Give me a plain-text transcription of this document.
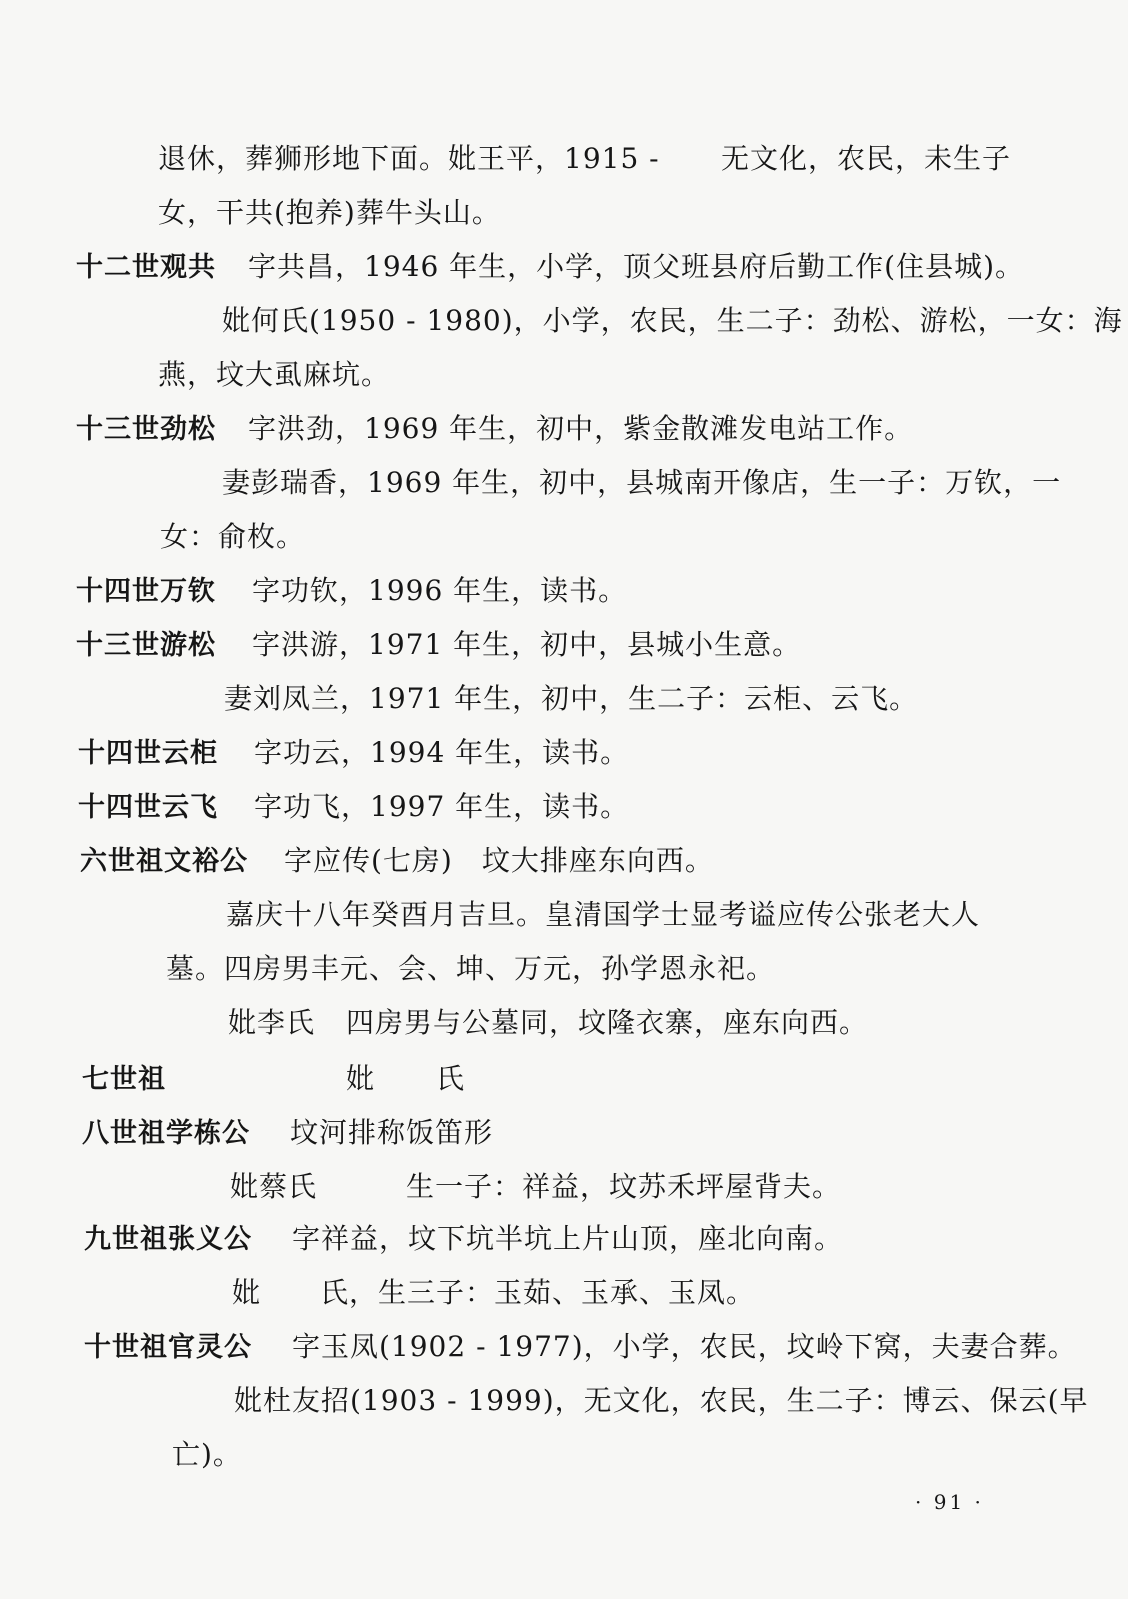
退休，葬狮形地下面。妣王平，1915 - 无文化，农民，未生子
女，干共(抱养)葬牛头山。
十二世观共 字共昌，1946 年生，小学，顶父班县府后勤工作(住县城)。
妣何氏(1950 - 1980)，小学，农民，生二子：劲松、游松，一女：海
燕，坟大虱麻坑。
十三世劲松 字洪劲，1969 年生，初中，紫金散滩发电站工作。
妻彭瑞香，1969 年生，初中，县城南开像店，生一子：万钦，一
女：俞枚。
十四世万钦 字功钦，1996 年生，读书。
十三世游松 字洪游，1971 年生，初中，县城小生意。
妻刘凤兰，1971 年生，初中，生二子：云柜、云飞。
十四世云柜 字功云，1994 年生，读书。
十四世云飞 字功飞，1997 年生，读书。
六世祖文裕公 字应传(七房)　坟大排座东向西。
嘉庆十八年癸酉月吉旦。皇清国学士显考谥应传公张老大人
墓。四房男丰元、会、坤、万元，孙学恩永祀。
妣李氏 四房男与公墓同，坟隆衣寨，座东向西。
七世祖	妣 氏
八世祖学栋公 坟河排称饭笛形
妣蔡氏	生一子：祥益，坟苏禾坪屋背夫。
九世祖张义公 字祥益，坟下坑半坑上片山顶，座北向南。
妣 氏，生三子：玉茹、玉承、玉凤。
十世祖官灵公 字玉凤(1902 - 1977)，小学，农民，坟岭下窝，夫妻合葬。
妣杜友招(1903 - 1999)，无文化，农民，生二子：博云、保云(早
亡)。
· 91 ·
